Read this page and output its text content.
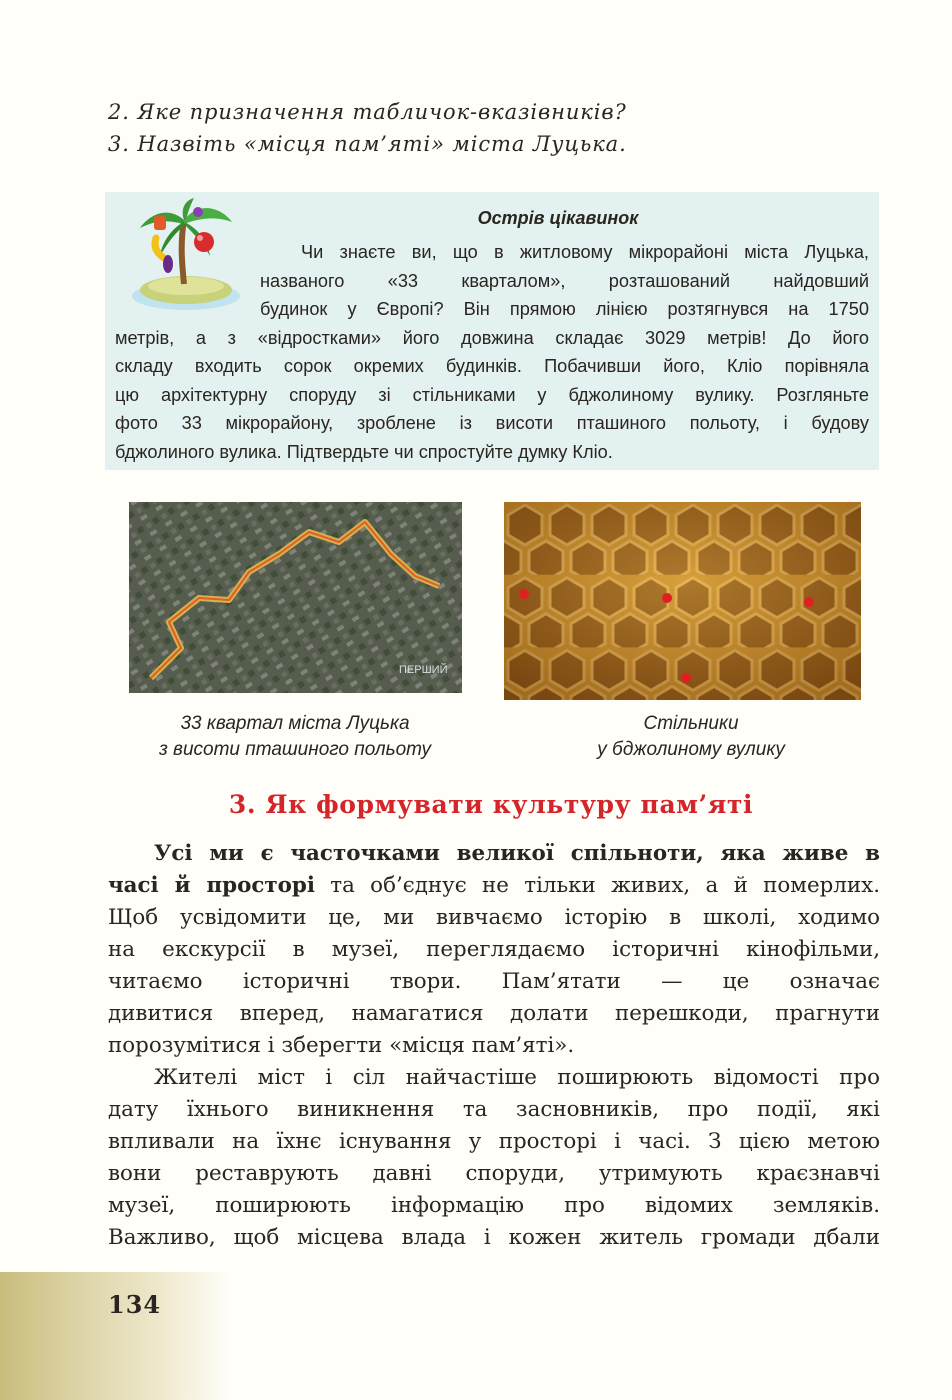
2. Яке призначення табличок-вказівників?
3. Назвіть «місця пам’яті» міста Луцька.
Острів цікавинок
Чи знаєте ви, що в житловому мікрорайоні міста Луцька,
названого «33 кварталом», розташований найдовший
будинок у Європі? Він прямою лінією розтягнувся на 1750
метрів, а з «відростками» його довжина складає 3029 метрів! До його
складу входить сорок окремих будинків. Побачивши його, Кліо порівняла
цю архітектурну споруду зі стільниками у бджолиному вулику. Розгляньте
фото 33 мікрорайону, зроблене із висоти пташиного польоту, і будову
бджолиного вулика. Підтвердьте чи спростуйте думку Кліо.
ПЕРШИЙ
33 квартал міста Луцька
з висоти пташиного польоту
Стільники
у бджолиному вулику
3. Як формувати культуру пам’яті
Усі ми є часточками великої спільноти, яка живе в
часі й просторі та об’єднує не тільки живих, а й померлих.
Щоб усвідомити це, ми вивчаємо історію в школі, ходимо
на екскурсії в музеї, переглядаємо історичні кінофільми,
читаємо історичні твори. Пам’ятати — це означає
дивитися вперед, намагатися долати перешкоди, прагнути
порозумітися і зберегти «місця пам’яті».
Жителі міст і сіл найчастіше поширюють відомості про
дату їхнього виникнення та засновників, про події, які
впливали на їхнє існування у просторі і часі. З цією метою
вони реставрують давні споруди, утримують краєзнавчі
музеї, поширюють інформацію про відомих земляків.
Важливо, щоб місцева влада і кожен житель громади дбали
134
